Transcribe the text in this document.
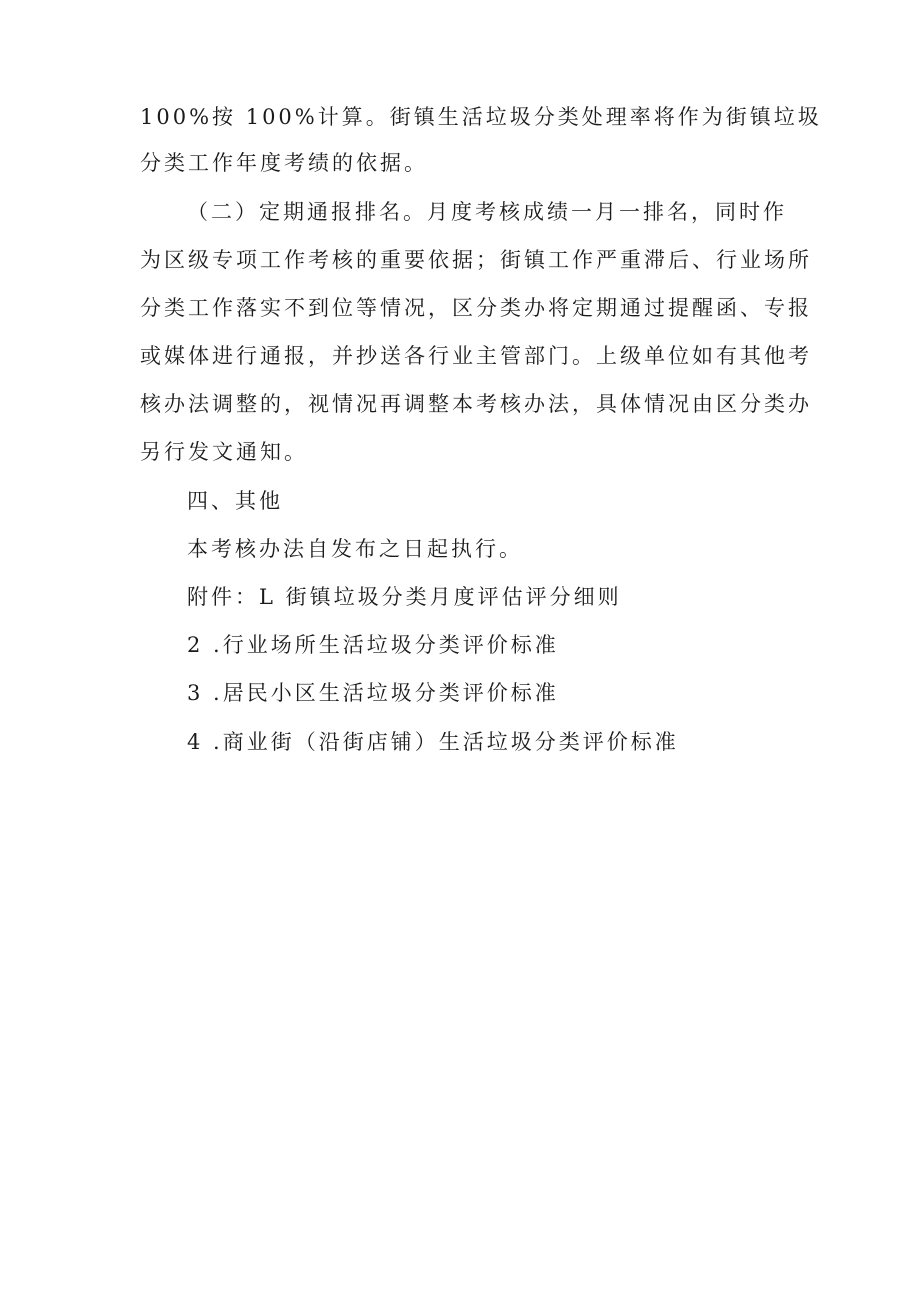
100%按 100%计算。街镇生活垃圾分类处理率将作为街镇垃圾
分类工作年度考绩的依据。
（二）定期通报排名。月度考核成绩一月一排名，同时作
为区级专项工作考核的重要依据；街镇工作严重滞后、行业场所
分类工作落实不到位等情况，区分类办将定期通过提醒函、专报
或媒体进行通报，并抄送各行业主管部门。上级单位如有其他考
核办法调整的，视情况再调整本考核办法，具体情况由区分类办
另行发文通知。
四、其他
本考核办法自发布之日起执行。
附件：L 街镇垃圾分类月度评估评分细则
2 .行业场所生活垃圾分类评价标准
3 .居民小区生活垃圾分类评价标准
4 .商业街（沿街店铺）生活垃圾分类评价标准
